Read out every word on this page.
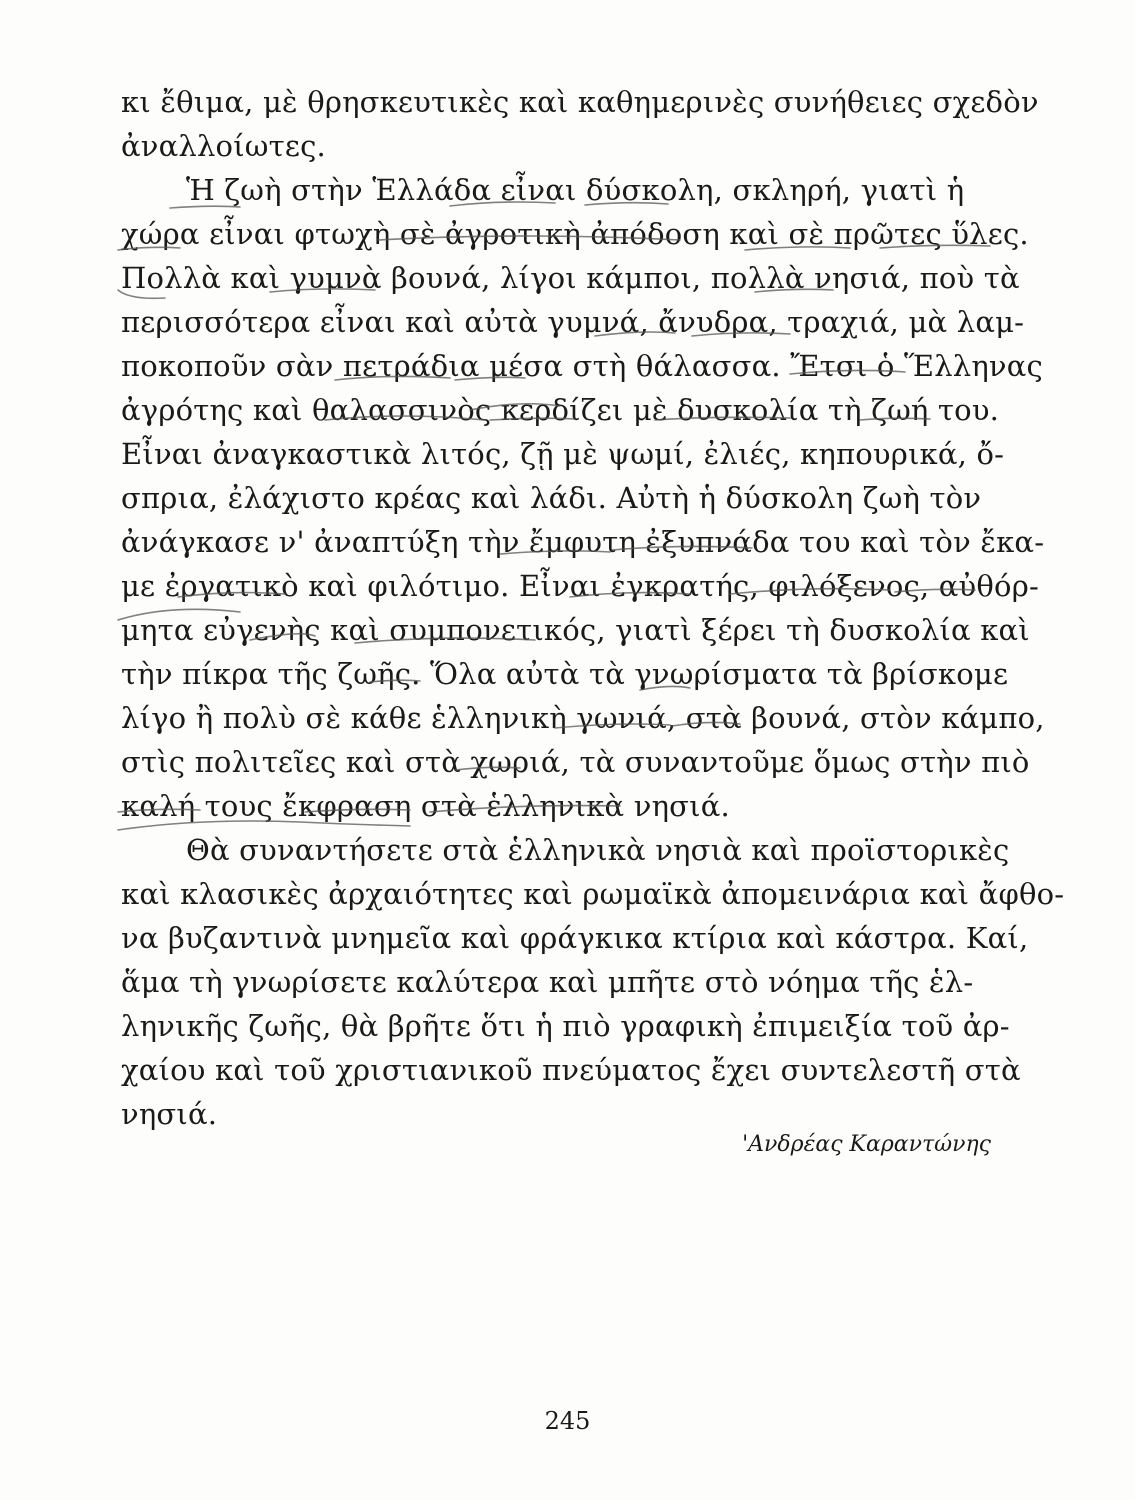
κι ἔθιμα, μὲ θρησκευτικὲς καὶ καθημερινὲς συνήθειες σχεδὸν
ἀναλλοίωτες.
Ἡ ζωὴ στὴν Ἑλλάδα εἶναι δύσκολη, σκληρή, γιατὶ ἡ
χώρα εἶναι φτωχὴ σὲ ἀγροτικὴ ἀπόδοση καὶ σὲ πρῶτες ὕλες.
Πολλὰ καὶ γυμνὰ βουνά, λίγοι κάμποι, πολλὰ νησιά, ποὺ τὰ
περισσότερα εἶναι καὶ αὐτὰ γυμνά, ἄνυδρα, τραχιά, μὰ λαμ-
ποκοποῦν σὰν πετράδια μέσα στὴ θάλασσα. Ἔτσι ὁ Ἕλληνας
ἀγρότης καὶ θαλασσινὸς κερδίζει μὲ δυσκολία τὴ ζωή του.
Εἶναι ἀναγκαστικὰ λιτός, ζῇ μὲ ψωμί, ἐλιές, κηπουρικά, ὄ-
σπρια, ἐλάχιστο κρέας καὶ λάδι. Αὐτὴ ἡ δύσκολη ζωὴ τὸν
ἀνάγκασε ν' ἀναπτύξη τὴν ἔμφυτη ἐξυπνάδα του καὶ τὸν ἔκα-
με ἐργατικὸ καὶ φιλότιμο. Εἶναι ἐγκρατής, φιλόξενος, αὐθόρ-
μητα εὐγενὴς καὶ συμπονετικός, γιατὶ ξέρει τὴ δυσκολία καὶ
τὴν πίκρα τῆς ζωῆς. Ὅλα αὐτὰ τὰ γνωρίσματα τὰ βρίσκομε
λίγο ἢ πολὺ σὲ κάθε ἑλληνικὴ γωνιά, στὰ βουνά, στὸν κάμπο,
στὶς πολιτεῖες καὶ στὰ χωριά, τὰ συναντοῦμε ὅμως στὴν πιὸ
καλή τους ἔκφραση στὰ ἑλληνικὰ νησιά.
Θὰ συναντήσετε στὰ ἑλληνικὰ νησιὰ καὶ προϊστορικὲς
καὶ κλασικὲς ἀρχαιότητες καὶ ρωμαϊκὰ ἀπομεινάρια καὶ ἄφθο-
να βυζαντινὰ μνημεῖα καὶ φράγκικα κτίρια καὶ κάστρα. Καί,
ἅμα τὴ γνωρίσετε καλύτερα καὶ μπῆτε στὸ νόημα τῆς ἑλ-
ληνικῆς ζωῆς, θὰ βρῆτε ὅτι ἡ πιὸ γραφικὴ ἐπιμειξία τοῦ ἀρ-
χαίου καὶ τοῦ χριστιανικοῦ πνεύματος ἔχει συντελεστῆ στὰ
νησιά.
'Ανδρέας Καραντώνης
245
